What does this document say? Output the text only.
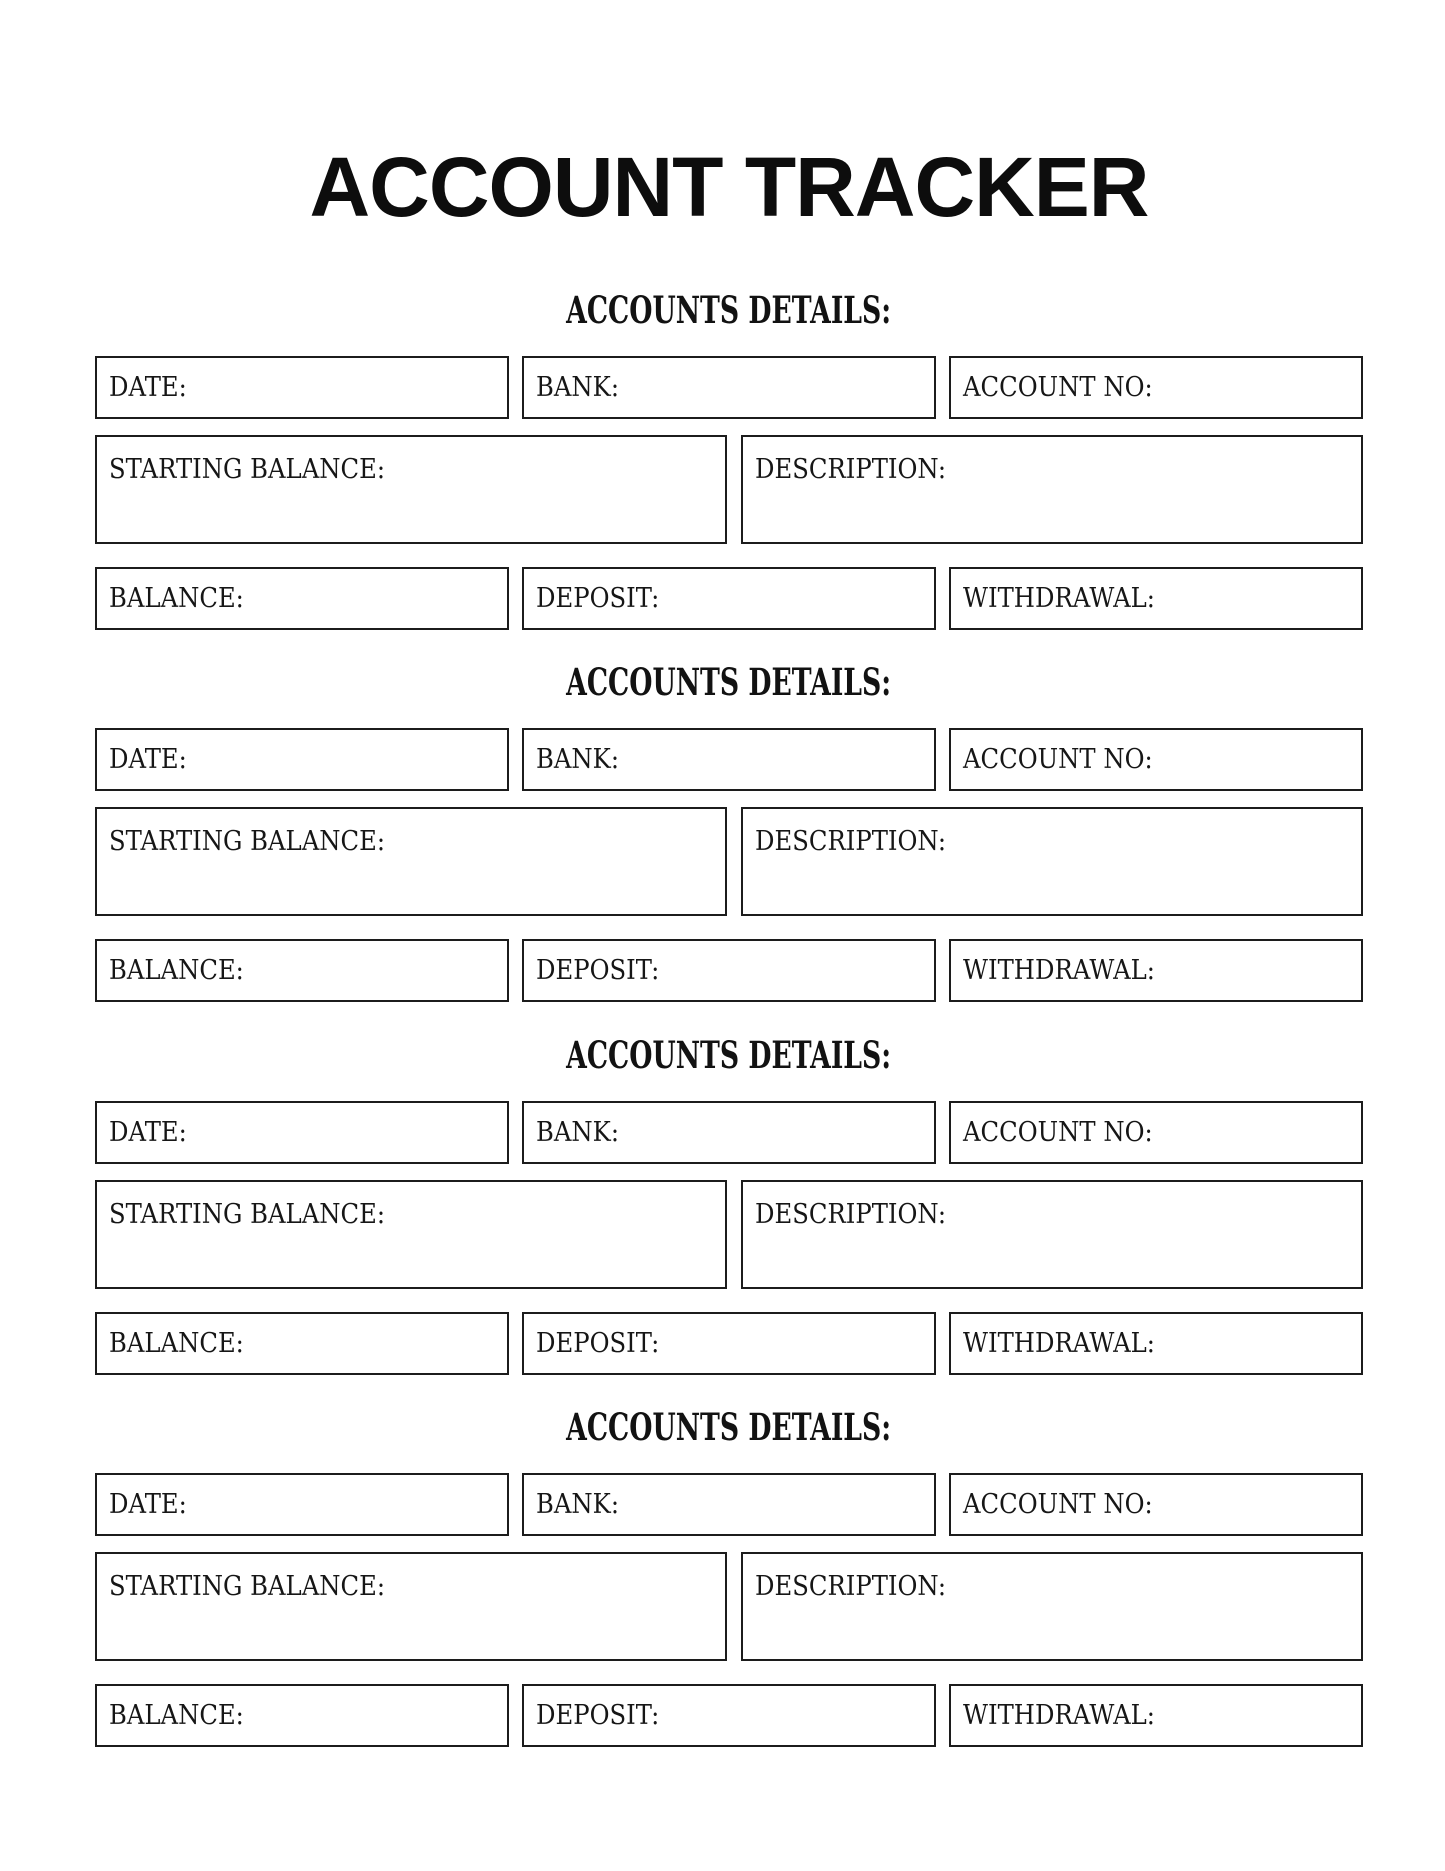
ACCOUNT TRACKER
ACCOUNTS DETAILS:
DATE:	BANK:	ACCOUNT NO:
STARTING BALANCE:	DESCRIPTION:
BALANCE:	DEPOSIT:	WITHDRAWAL:
ACCOUNTS DETAILS:
DATE:	BANK:	ACCOUNT NO:
STARTING BALANCE:	DESCRIPTION:
BALANCE:	DEPOSIT:	WITHDRAWAL:
ACCOUNTS DETAILS:
DATE:	BANK:	ACCOUNT NO:
STARTING BALANCE:	DESCRIPTION:
BALANCE:	DEPOSIT:	WITHDRAWAL:
ACCOUNTS DETAILS:
DATE:	BANK:	ACCOUNT NO:
STARTING BALANCE:	DESCRIPTION:
BALANCE:	DEPOSIT:	WITHDRAWAL:
